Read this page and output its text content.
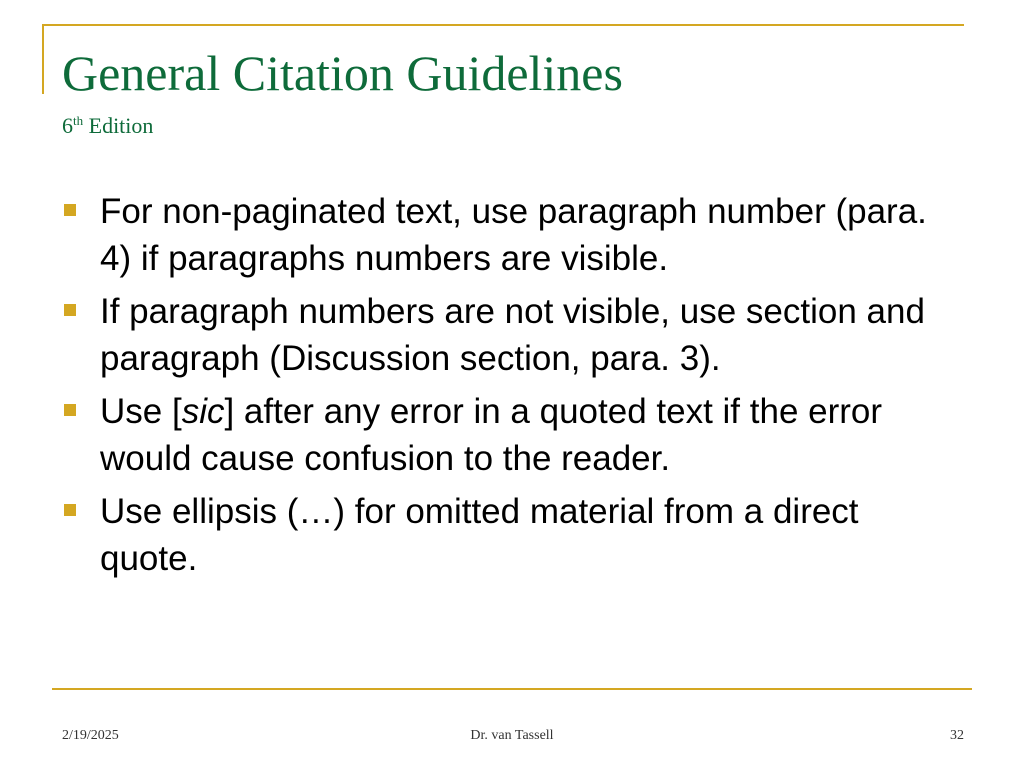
General Citation Guidelines
6th Edition
For non-paginated text, use paragraph number (para. 4) if paragraphs numbers are visible.
If paragraph numbers are not visible, use section and paragraph (Discussion section, para. 3).
Use [sic] after any error in a quoted text if the error would cause confusion to the reader.
Use ellipsis (…) for omitted material from a direct quote.
2/19/2025	Dr. van Tassell	32
